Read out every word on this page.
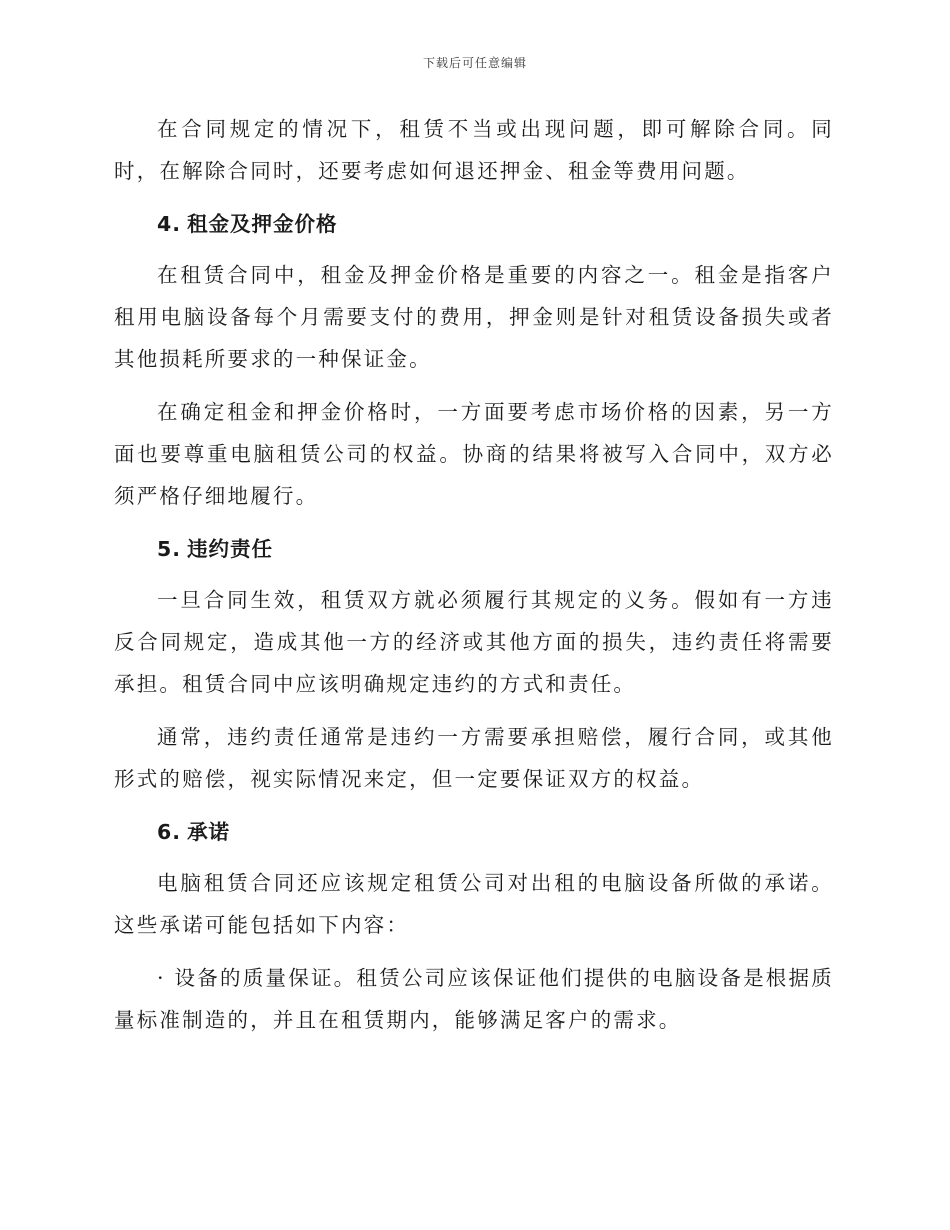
下载后可任意编辑

在合同规定的情况下，租赁不当或出现问题，即可解除合同。同时，在解除合同时，还要考虑如何退还押金、租金等费用问题。

4. 租金及押金价格

在租赁合同中，租金及押金价格是重要的内容之一。租金是指客户租用电脑设备每个月需要支付的费用，押金则是针对租赁设备损失或者其他损耗所要求的一种保证金。

在确定租金和押金价格时，一方面要考虑市场价格的因素，另一方面也要尊重电脑租赁公司的权益。协商的结果将被写入合同中，双方必须严格仔细地履行。

5. 违约责任

一旦合同生效，租赁双方就必须履行其规定的义务。假如有一方违反合同规定，造成其他一方的经济或其他方面的损失，违约责任将需要承担。租赁合同中应该明确规定违约的方式和责任。

通常，违约责任通常是违约一方需要承担赔偿，履行合同，或其他形式的赔偿，视实际情况来定，但一定要保证双方的权益。

6. 承诺

电脑租赁合同还应该规定租赁公司对出租的电脑设备所做的承诺。这些承诺可能包括如下内容：

· 设备的质量保证。租赁公司应该保证他们提供的电脑设备是根据质量标准制造的，并且在租赁期内，能够满足客户的需求。
